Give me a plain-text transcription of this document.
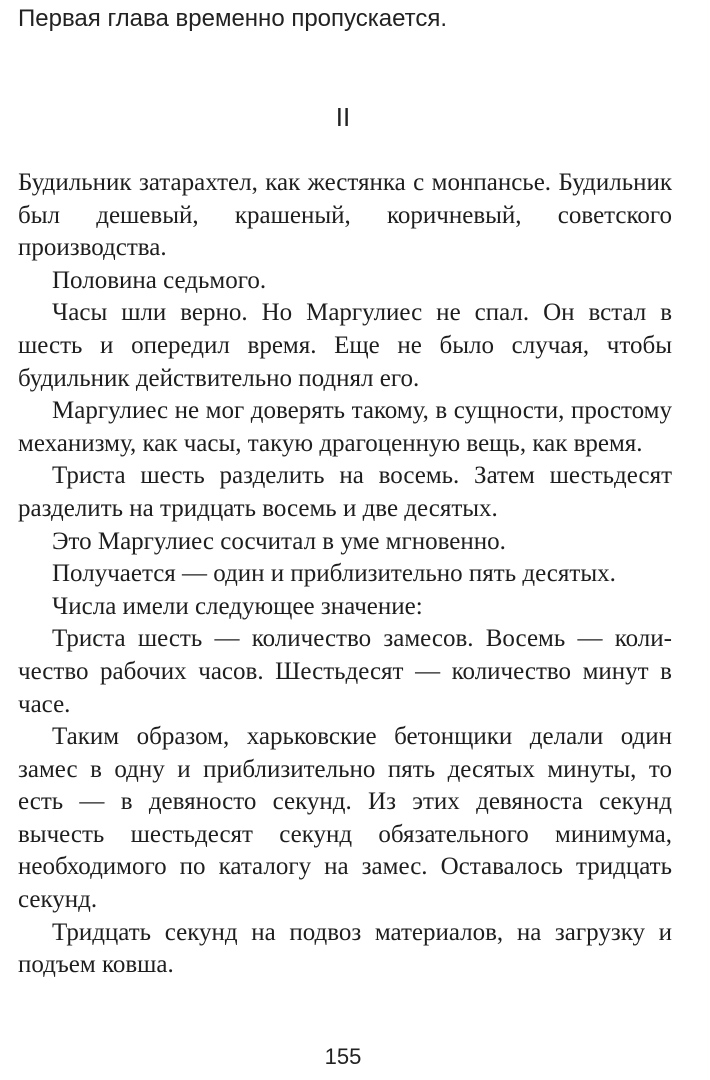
Первая глава временно пропускается.
II

Будильник затарахтел, как жестянка с монпансье. Будильник был дешевый, крашеный, коричневый, советского производства.

Половина седьмого.

Часы шли верно. Но Маргулиес не спал. Он встал в шесть и опередил время. Еще не было случая, чтобы будильник действительно поднял его.

Маргулиес не мог доверять такому, в сущности, простому механизму, как часы, такую драгоценную вещь, как время.

Триста шесть разделить на восемь. Затем шестьдесят разделить на тридцать восемь и две десятых.

Это Маргулиес сосчитал в уме мгновенно.

Получается — один и приблизительно пять десятых.

Числа имели следующее значение:

Триста шесть — количество замесов. Восемь — количество рабочих часов. Шестьдесят — количество минут в часе.

Таким образом, харьковские бетонщики делали один замес в одну и приблизительно пять десятых минуты, то есть — в девяносто секунд. Из этих девяноста секунд вычесть шестьдесят секунд обязательного минимума, необходимого по каталогу на замес. Оставалось тридцать секунд.

Тридцать секунд на подвоз материалов, на загрузку и подъем ковша.

155
